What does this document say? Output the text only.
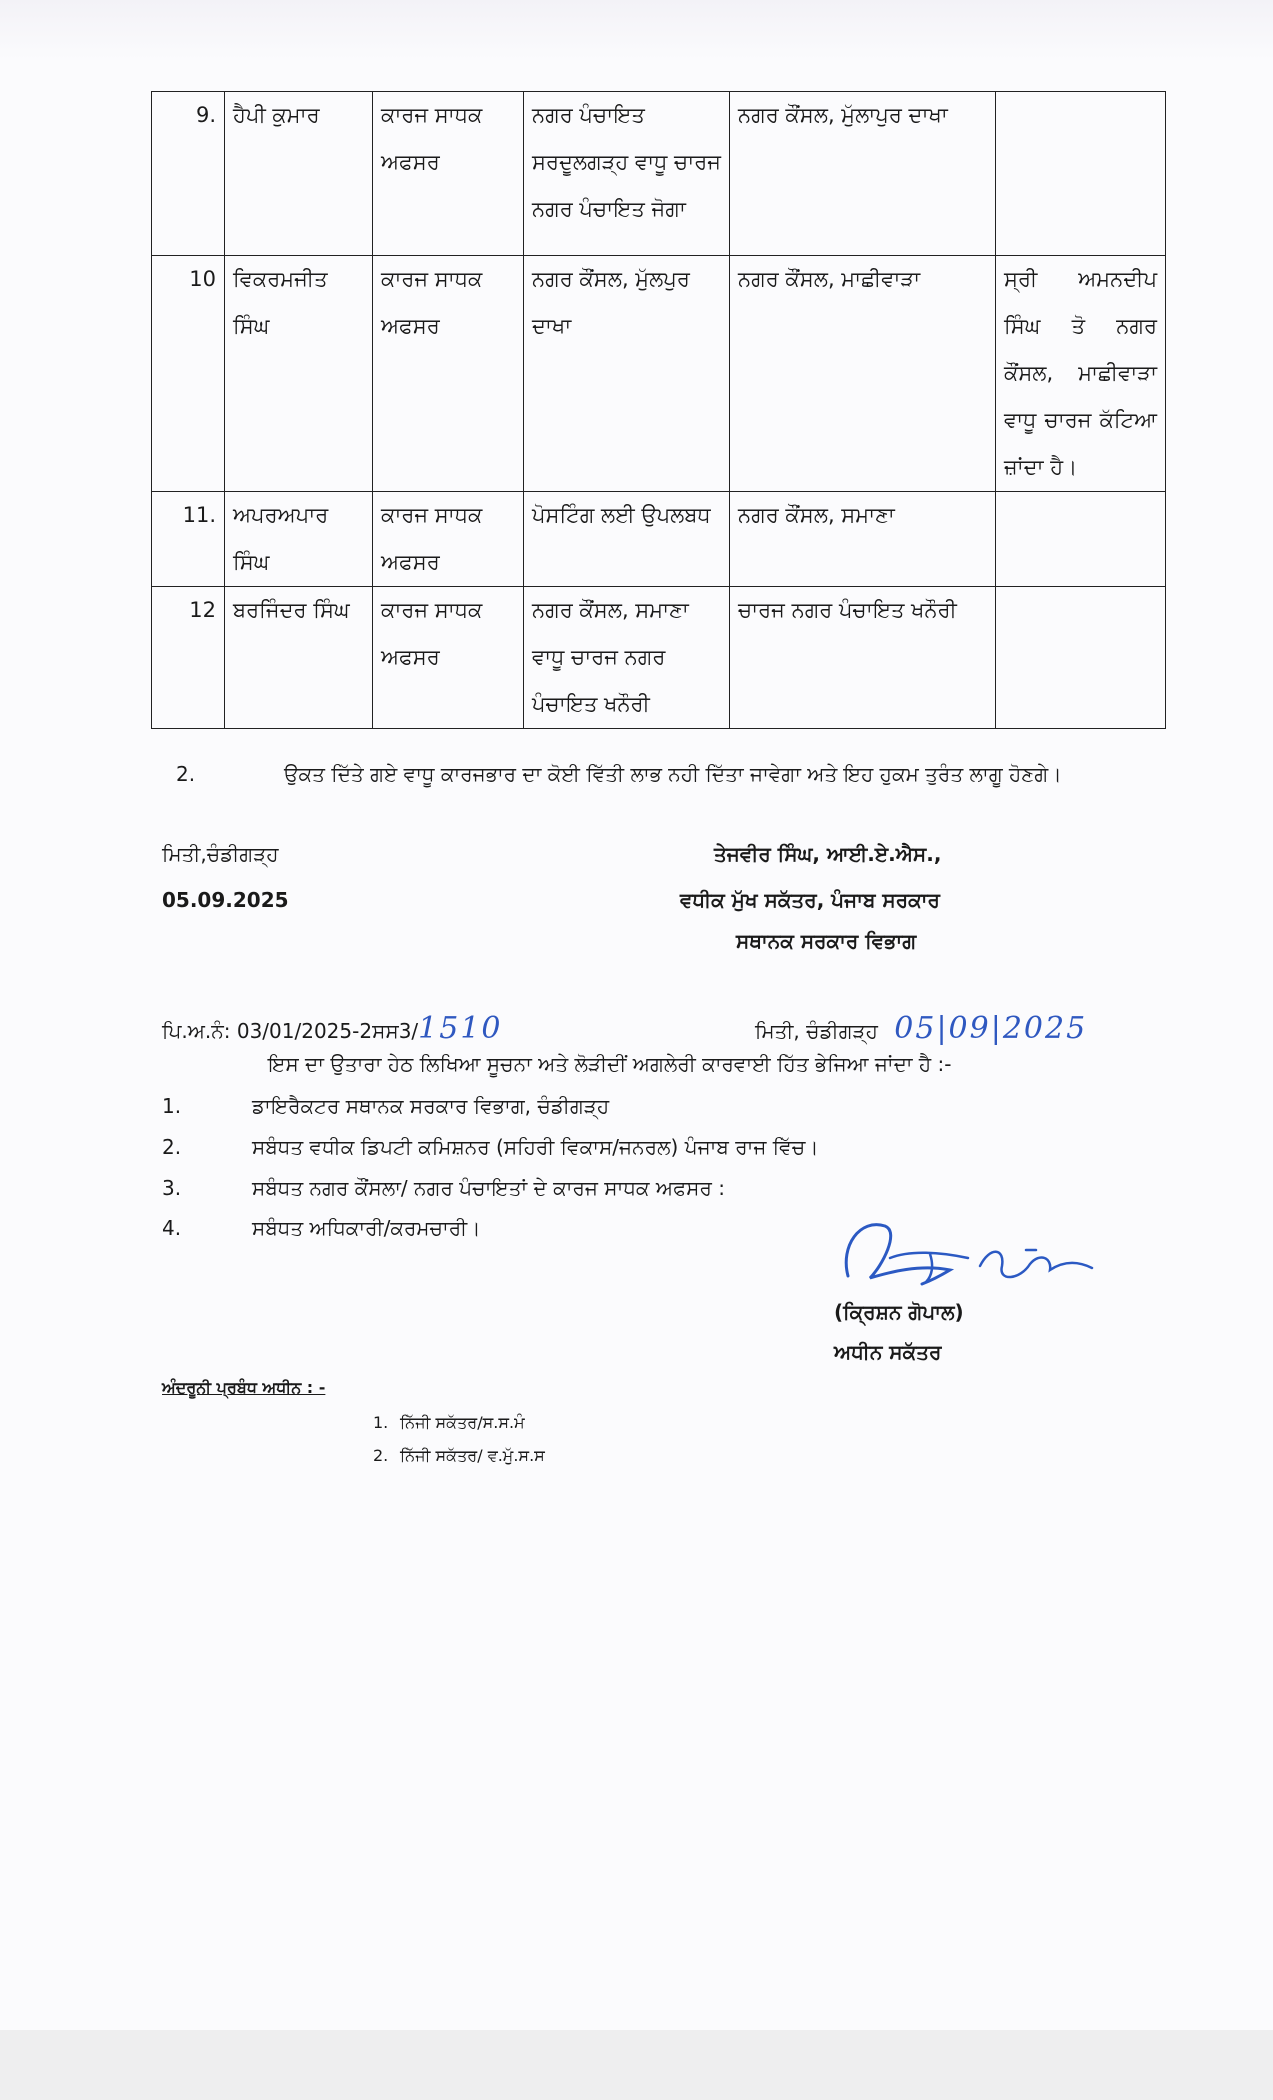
9.	ਹੈਪੀ ਕੁਮਾਰ	ਕਾਰਜ ਸਾਧਕ ਅਫਸਰ	ਨਗਰ ਪੰਚਾਇਤ ਸਰਦੂਲਗੜ੍ਹ ਵਾਧੂ ਚਾਰਜ ਨਗਰ ਪੰਚਾਇਤ ਜੋਗਾ	ਨਗਰ ਕੌਂਸਲ, ਮੁੱਲਾਪੁਰ ਦਾਖਾ	
10	ਵਿਕਰਮਜੀਤ ਸਿੰਘ	ਕਾਰਜ ਸਾਧਕ ਅਫਸਰ	ਨਗਰ ਕੌਂਸਲ, ਮੁੱਲਪੁਰ ਦਾਖਾ	ਨਗਰ ਕੌਂਸਲ, ਮਾਛੀਵਾੜਾ	ਸ੍ਰੀ ਅਮਨਦੀਪ ਸਿੰਘ ਤੋ ਨਗਰ ਕੌਂਸਲ, ਮਾਛੀਵਾੜਾ ਵਾਧੂ ਚਾਰਜ ਕੱਟਿਆ ਜ਼ਾਂਦਾ ਹੈ।
11.	ਅਪਰਅਪਾਰ ਸਿੰਘ	ਕਾਰਜ ਸਾਧਕ ਅਫਸਰ	ਪੋਸਟਿੰਗ ਲਈ ਉਪਲਬਧ	ਨਗਰ ਕੌਂਸਲ, ਸਮਾਣਾ	
12	ਬਰਜਿੰਦਰ ਸਿੰਘ	ਕਾਰਜ ਸਾਧਕ ਅਫਸਰ	ਨਗਰ ਕੌਂਸਲ, ਸਮਾਣਾ ਵਾਧੂ ਚਾਰਜ ਨਗਰ ਪੰਚਾਇਤ ਖਨੌਰੀ	ਚਾਰਜ ਨਗਰ ਪੰਚਾਇਤ ਖਨੌਰੀ	
2.	ਉਕਤ ਦਿੱਤੇ ਗਏ ਵਾਧੂ ਕਾਰਜਭਾਰ ਦਾ ਕੋਈ ਵਿੱਤੀ ਲਾਭ ਨਹੀ ਦਿੱਤਾ ਜਾਵੇਗਾ ਅਤੇ ਇਹ ਹੁਕਮ ਤੁਰੰਤ ਲਾਗੂ ਹੋਣਗੇ।
ਮਿਤੀ,ਚੰਡੀਗੜ੍ਹ
05.09.2025
ਤੇਜਵੀਰ ਸਿੰਘ, ਆਈ.ਏ.ਐਸ.,
ਵਧੀਕ ਮੁੱਖ ਸਕੱਤਰ, ਪੰਜਾਬ ਸਰਕਾਰ
ਸਥਾਨਕ ਸਰਕਾਰ ਵਿਭਾਗ
ਪਿ.ਅ.ਨੰ: 03/01/2025-2ਸਸ3/1510	ਮਿਤੀ, ਚੰਡੀਗੜ੍ਹ 05|09|2025
ਇਸ ਦਾ ਉਤਾਰਾ ਹੇਠ ਲਿਖਿਆ ਸੂਚਨਾ ਅਤੇ ਲੋੜੀਦੀਂ ਅਗਲੇਰੀ ਕਾਰਵਾਈ ਹਿੱਤ ਭੇਜਿਆ ਜਾਂਦਾ ਹੈ :-
1.	ਡਾਇਰੈਕਟਰ ਸਥਾਨਕ ਸਰਕਾਰ ਵਿਭਾਗ, ਚੰਡੀਗੜ੍ਹ
2.	ਸਬੰਧਤ ਵਧੀਕ ਡਿਪਟੀ ਕਮਿਸ਼ਨਰ (ਸਹਿਰੀ ਵਿਕਾਸ/ਜਨਰਲ) ਪੰਜਾਬ ਰਾਜ ਵਿੱਚ।
3.	ਸਬੰਧਤ ਨਗਰ ਕੌਂਸਲਾ/ ਨਗਰ ਪੰਚਾਇਤਾਂ ਦੇ ਕਾਰਜ ਸਾਧਕ ਅਫਸਰ :
4.	ਸਬੰਧਤ ਅਧਿਕਾਰੀ/ਕਰਮਚਾਰੀ।
(ਕ੍ਰਿਸ਼ਨ ਗੋਪਾਲ)
ਅਧੀਨ ਸਕੱਤਰ
ਅੰਦਰੂਨੀ ਪ੍ਰਬੰਧ ਅਧੀਨ : -
1. ਨਿੱਜੀ ਸਕੱਤਰ/ਸ.ਸ.ਮੰ
2. ਨਿੱਜੀ ਸਕੱਤਰ/ ਵ.ਮੁੱ.ਸ.ਸ
